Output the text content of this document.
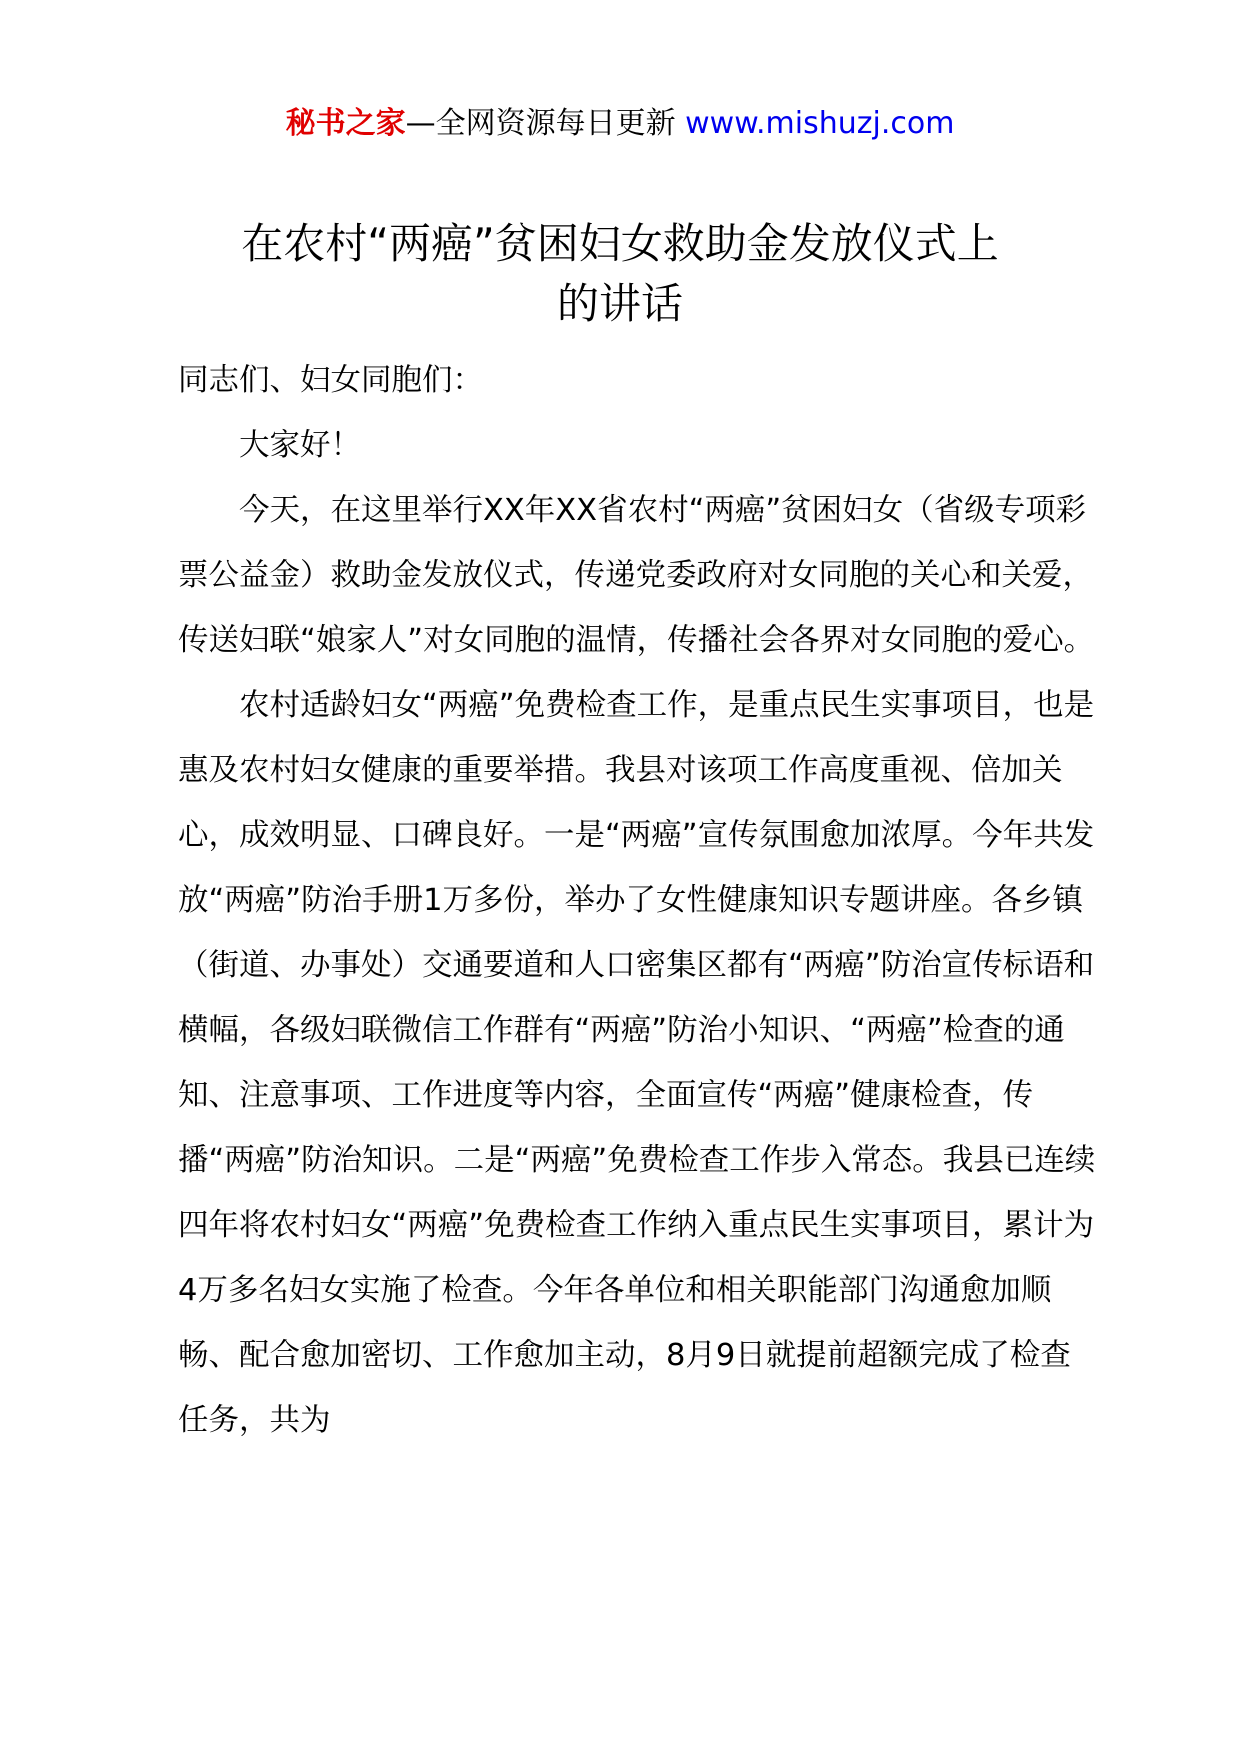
秘书之家—全网资源每日更新 www.mishuzj.com
在农村“两癌”贫困妇女救助金发放仪式上
的讲话

同志们、妇女同胞们：

大家好！

今天，在这里举行XX年XX省农村“两癌”贫困妇女（省级专项彩票公益金）救助金发放仪式，传递党委政府对女同胞的关心和关爱，传送妇联“娘家人”对女同胞的温情，传播社会各界对女同胞的爱心。

农村适龄妇女“两癌”免费检查工作，是重点民生实事项目，也是惠及农村妇女健康的重要举措。我县对该项工作高度重视、倍加关心，成效明显、口碑良好。一是“两癌”宣传氛围愈加浓厚。今年共发放“两癌”防治手册1万多份，举办了女性健康知识专题讲座。各乡镇（街道、办事处）交通要道和人口密集区都有“两癌”防治宣传标语和横幅，各级妇联微信工作群有“两癌”防治小知识、“两癌”检查的通知、注意事项、工作进度等内容，全面宣传“两癌”健康检查，传播“两癌”防治知识。二是“两癌”免费检查工作步入常态。我县已连续四年将农村妇女“两癌”免费检查工作纳入重点民生实事项目，累计为4万多名妇女实施了检查。今年各单位和相关职能部门沟通愈加顺畅、配合愈加密切、工作愈加主动，8月9日就提前超额完成了检查任务，共为
